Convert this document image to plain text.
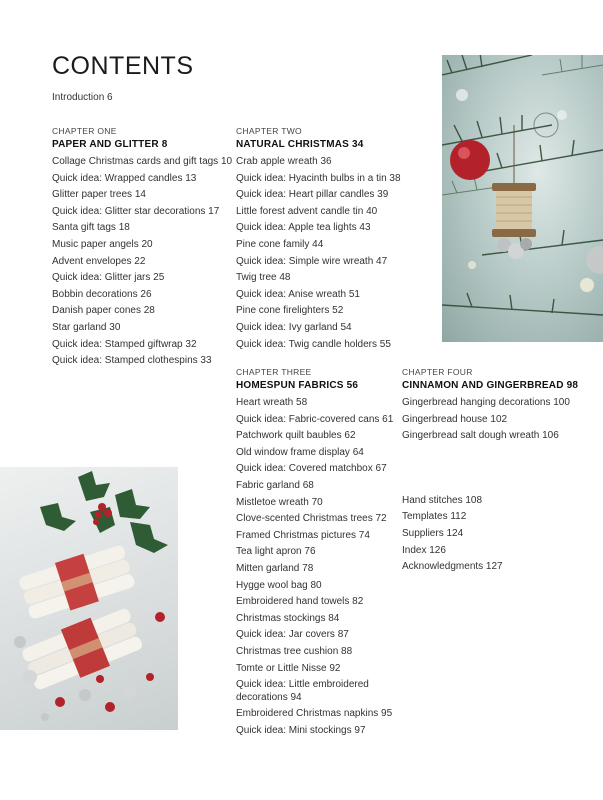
CONTENTS
Introduction 6
CHAPTER ONE
PAPER AND GLITTER 8
Collage Christmas cards and gift tags 10
Quick idea: Wrapped candles 13
Glitter paper trees 14
Quick idea: Glitter star decorations 17
Santa gift tags 18
Music paper angels 20
Advent envelopes 22
Quick idea: Glitter jars 25
Bobbin decorations 26
Danish paper cones 28
Star garland 30
Quick idea: Stamped giftwrap 32
Quick idea: Stamped clothespins 33
CHAPTER TWO
NATURAL CHRISTMAS 34
Crab apple wreath 36
Quick idea: Hyacinth bulbs in a tin 38
Quick idea: Heart pillar candles 39
Little forest advent candle tin 40
Quick idea: Apple tea lights 43
Pine cone family 44
Quick idea: Simple wire wreath 47
Twig tree 48
Quick idea: Anise wreath 51
Pine cone firelighters 52
Quick idea: Ivy garland 54
Quick idea: Twig candle holders 55
CHAPTER THREE
HOMESPUN FABRICS 56
Heart wreath 58
Quick idea: Fabric-covered cans 61
Patchwork quilt baubles 62
Old window frame display 64
Quick idea: Covered matchbox 67
Fabric garland 68
Mistletoe wreath 70
Clove-scented Christmas trees 72
Framed Christmas pictures 74
Tea light apron 76
Mitten garland 78
Hygge wool bag 80
Embroidered hand towels 82
Christmas stockings 84
Quick idea: Jar covers 87
Christmas tree cushion 88
Tomte or Little Nisse 92
Quick idea: Little embroidered decorations 94
Embroidered Christmas napkins 95
Quick idea: Mini stockings 97
CHAPTER FOUR
CINNAMON AND GINGERBREAD 98
Gingerbread hanging decorations 100
Gingerbread house 102
Gingerbread salt dough wreath 106
Hand stitches 108
Templates 112
Suppliers 124
Index 126
Acknowledgments 127
